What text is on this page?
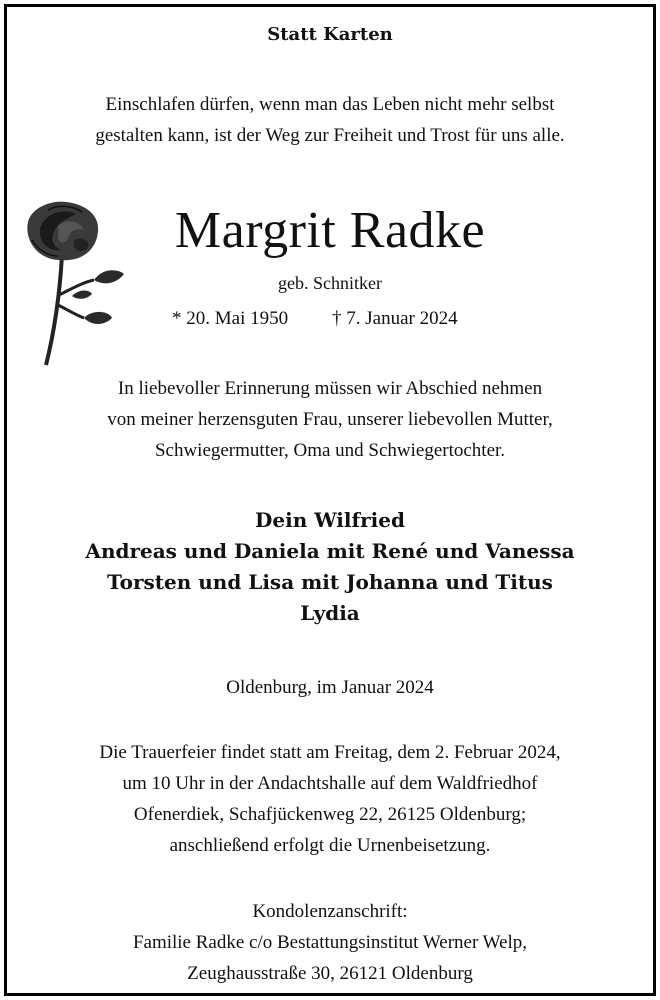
Statt Karten
Einschlafen dürfen, wenn man das Leben nicht mehr selbst
gestalten kann, ist der Weg zur Freiheit und Trost für uns alle.
Margrit Radke
geb. Schnitker
* 20. Mai 1950 † 7. Januar 2024
In liebevoller Erinnerung müssen wir Abschied nehmen
von meiner herzensguten Frau, unserer liebevollen Mutter,
Schwiegermutter, Oma und Schwiegertochter.
Dein Wilfried
Andreas und Daniela mit René und Vanessa
Torsten und Lisa mit Johanna und Titus
Lydia
Oldenburg, im Januar 2024
Die Trauerfeier findet statt am Freitag, dem 2. Februar 2024,
um 10 Uhr in der Andachtshalle auf dem Waldfriedhof
Ofenerdiek, Schafjückenweg 22, 26125 Oldenburg;
anschließend erfolgt die Urnenbeisetzung.
Kondolenzanschrift:
Familie Radke c/o Bestattungsinstitut Werner Welp,
Zeughausstraße 30, 26121 Oldenburg
